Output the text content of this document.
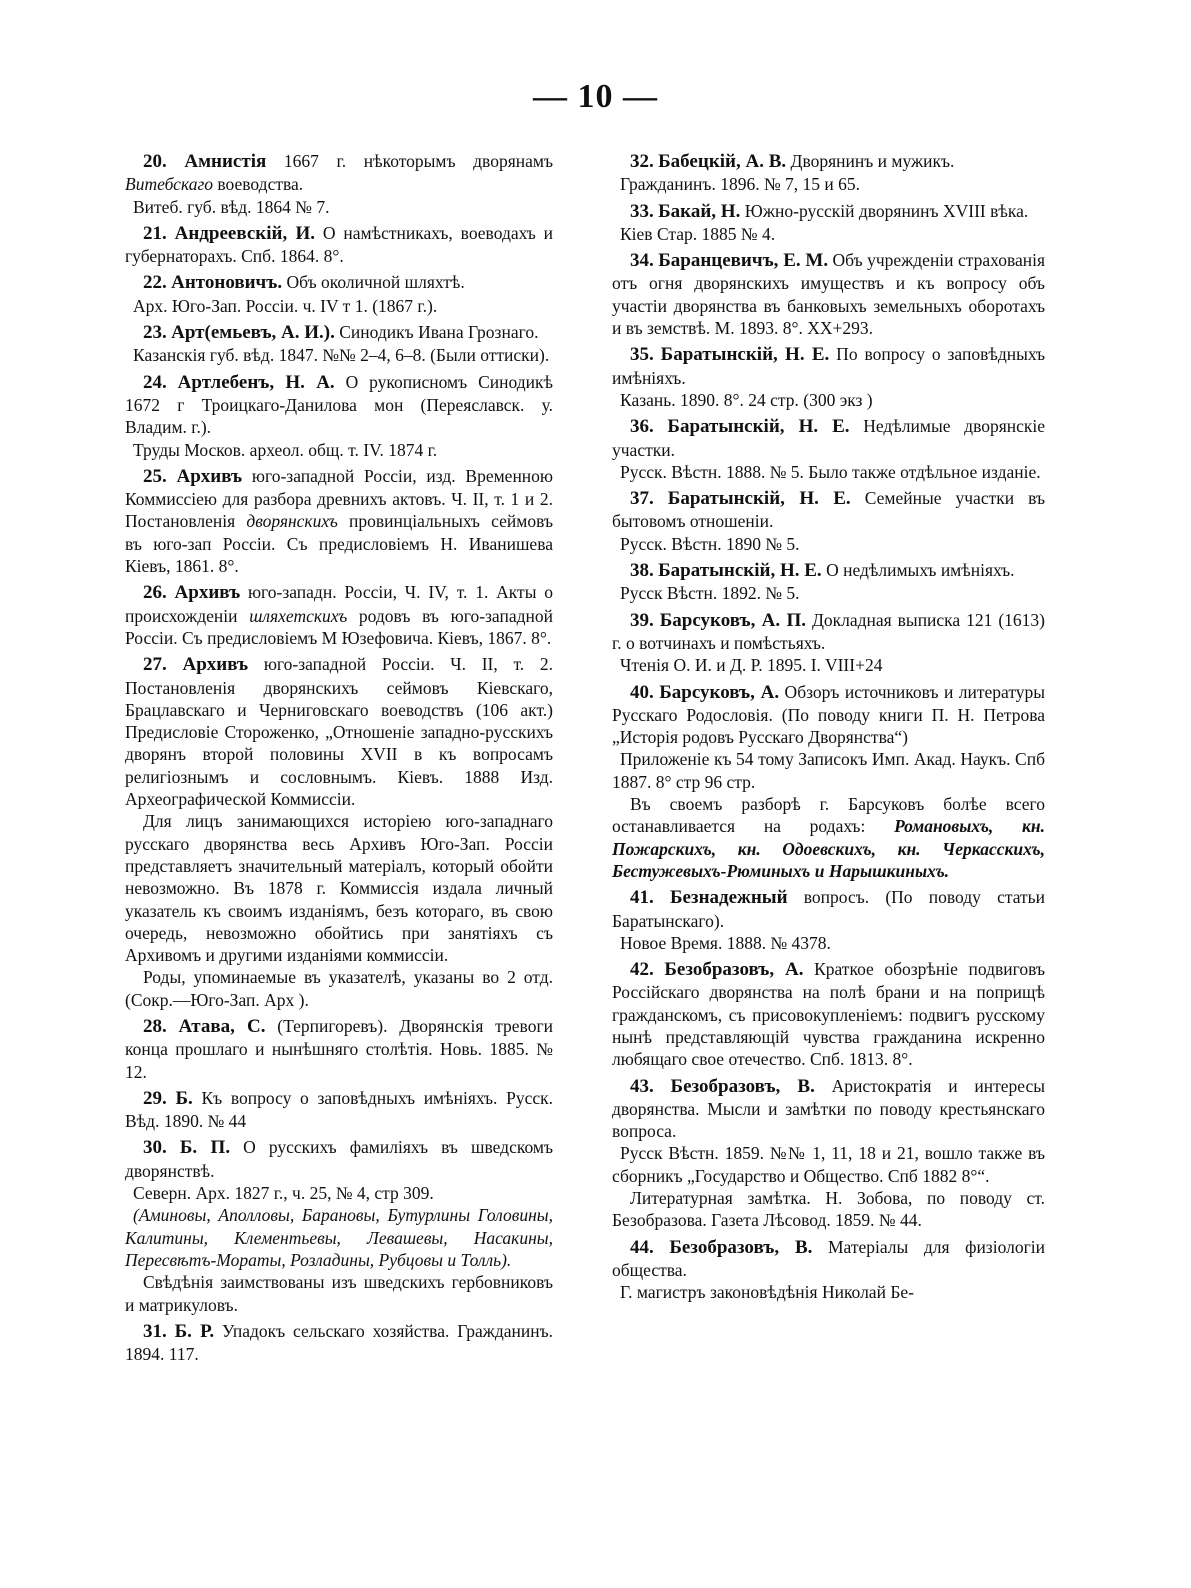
— 10 —

20. Амнистія 1667 г. нѣкоторымъ дворянамъ Витебскаго воеводства.

Витеб. губ. вѣд. 1864 № 7.

21. Андреевскій, И. О намѣстникахъ, воеводахъ и губернаторахъ. Спб. 1864. 8°.

22. Антоновичъ. Объ околичной шляхтѣ.

Арх. Юго-Зап. Россіи. ч. IV т 1. (1867 г.).

23. Арт(емьевъ, А. И.). Синодикъ Ивана Грознаго.

Казанскія губ. вѣд. 1847. №№ 2–4, 6–8. (Были оттиски).

24. Артлебенъ, Н. А. О рукописномъ Синодикѣ 1672 г Троицкаго-Данилова мон (Переяславск. у. Владим. г.).

Труды Москов. археол. общ. т. IV. 1874 г.

25. Архивъ юго-западной Россіи, изд. Временною Коммиссіею для разбора древнихъ актовъ. Ч. II, т. 1 и 2. Постановленія дворянскихъ провинціальныхъ сеймовъ въ юго-зап Россіи. Съ предисловіемъ Н. Иванишева Кіевъ, 1861. 8°.

26. Архивъ юго-западн. Россіи, Ч. IV, т. 1. Акты о происхожденіи шляхетскихъ родовъ въ юго-западной Россіи. Съ предисловіемъ М Юзефовича. Кіевъ, 1867. 8°.

27. Архивъ юго-западной Россіи. Ч. II, т. 2. Постановленія дворянскихъ сеймовъ Кіевскаго, Брацлавскаго и Черниговскаго воеводствъ (106 акт.) Предисловіе Стороженко, „Отношеніе западно-русскихъ дворянъ второй половины XVII в къ вопросамъ религіознымъ и сословнымъ. Кіевъ. 1888 Изд. Археографической Коммиссіи.

Для лицъ занимающихся исторіею юго-западнаго русскаго дворянства весь Архивъ Юго-Зап. Россіи представляетъ значительный матеріалъ, который обойти невозможно. Въ 1878 г. Коммиссія издала личный указатель къ своимъ изданіямъ, безъ котораго, въ свою очередь, невозможно обойтись при занятіяхъ съ Архивомъ и другими изданіями коммиссіи.

Роды, упоминаемые въ указателѣ, указаны во 2 отд. (Сокр.—Юго-Зап. Арх ).

28. Атава, С. (Терпигоревъ). Дворянскія тревоги конца прошлаго и нынѣшняго столѣтія. Новь. 1885. № 12.

29. Б. Къ вопросу о заповѣдныхъ имѣніяхъ. Русск. Вѣд. 1890. № 44

30. Б. П. О русскихъ фамиліяхъ въ шведскомъ дворянствѣ.

Северн. Арх. 1827 г., ч. 25, № 4, стр 309.

(Аминовы, Аполловы, Барановы, Бутурлины Головины, Калитины, Клементьевы, Левашевы, Насакины, Пересвѣтъ-Мораты, Розладины, Рубцовы и Толль).

Свѣдѣнія заимствованы изъ шведскихъ гербовниковъ и матрикуловъ.

31. Б. Р. Упадокъ сельскаго хозяйства. Гражданинъ. 1894. 117.

32. Бабецкій, А. В. Дворянинъ и мужикъ.

Гражданинъ. 1896. № 7, 15 и 65.

33. Бакай, Н. Южно-русскій дворянинъ XVIII вѣка.

Кіев Стар. 1885 № 4.

34. Баранцевичъ, Е. М. Объ учрежденіи страхованія отъ огня дворянскихъ имуществъ и къ вопросу объ участіи дворянства въ банковыхъ земельныхъ оборотахъ и въ земствѣ. М. 1893. 8°. XX+293.

35. Баратынскій, Н. Е. По вопросу о заповѣдныхъ имѣніяхъ.

Казань. 1890. 8°. 24 стр. (300 экз )

36. Баратынскій, Н. Е. Недѣлимые дворянскіе участки.

Русск. Вѣстн. 1888. № 5. Было также отдѣльное изданіе.

37. Баратынскій, Н. Е. Семейные участки въ бытовомъ отношеніи.

Русск. Вѣстн. 1890 № 5.

38. Баратынскій, Н. Е. О недѣлимыхъ имѣніяхъ.

Русск Вѣстн. 1892. № 5.

39. Барсуковъ, А. П. Докладная выписка 121 (1613) г. о вотчинахъ и помѣстьяхъ.

Чтенія О. И. и Д. Р. 1895. I. VIII+24

40. Барсуковъ, А. Обзоръ источниковъ и литературы Русскаго Родословія. (По поводу книги П. Н. Петрова „Исторія родовъ Русскаго Дворянства“)

Приложеніе къ 54 тому Записокъ Имп. Акад. Наукъ. Спб 1887. 8° стр 96 стр.

Въ своемъ разборѣ г. Барсуковъ болѣе всего останавливается на родахъ: Романовыхъ, кн. Пожарскихъ, кн. Одоевскихъ, кн. Черкасскихъ, Бестужевыхъ-Рюминыхъ и Нарышкиныхъ.

41. Безнадежный вопросъ. (По поводу статьи Баратынскаго).

Новое Время. 1888. № 4378.

42. Безобразовъ, А. Краткое обозрѣніе подвиговъ Россійскаго дворянства на полѣ брани и на поприщѣ гражданскомъ, съ присовокупленіемъ: подвигъ русскому нынѣ представляющій чувства гражданина искренно любящаго свое отечество. Спб. 1813. 8°.

43. Безобразовъ, В. Аристократія и интересы дворянства. Мысли и замѣтки по поводу крестьянскаго вопроса.

Русск Вѣстн. 1859. №№ 1, 11, 18 и 21, вошло также въ сборникъ „Государство и Общество. Спб 1882 8°“.

Литературная замѣтка. Н. Зобова, по поводу ст. Безобразова. Газета Лѣсовод. 1859. № 44.

44. Безобразовъ, В. Матеріалы для физіологіи общества.

Г. магистръ законовѣдѣнія Николай Бе-
